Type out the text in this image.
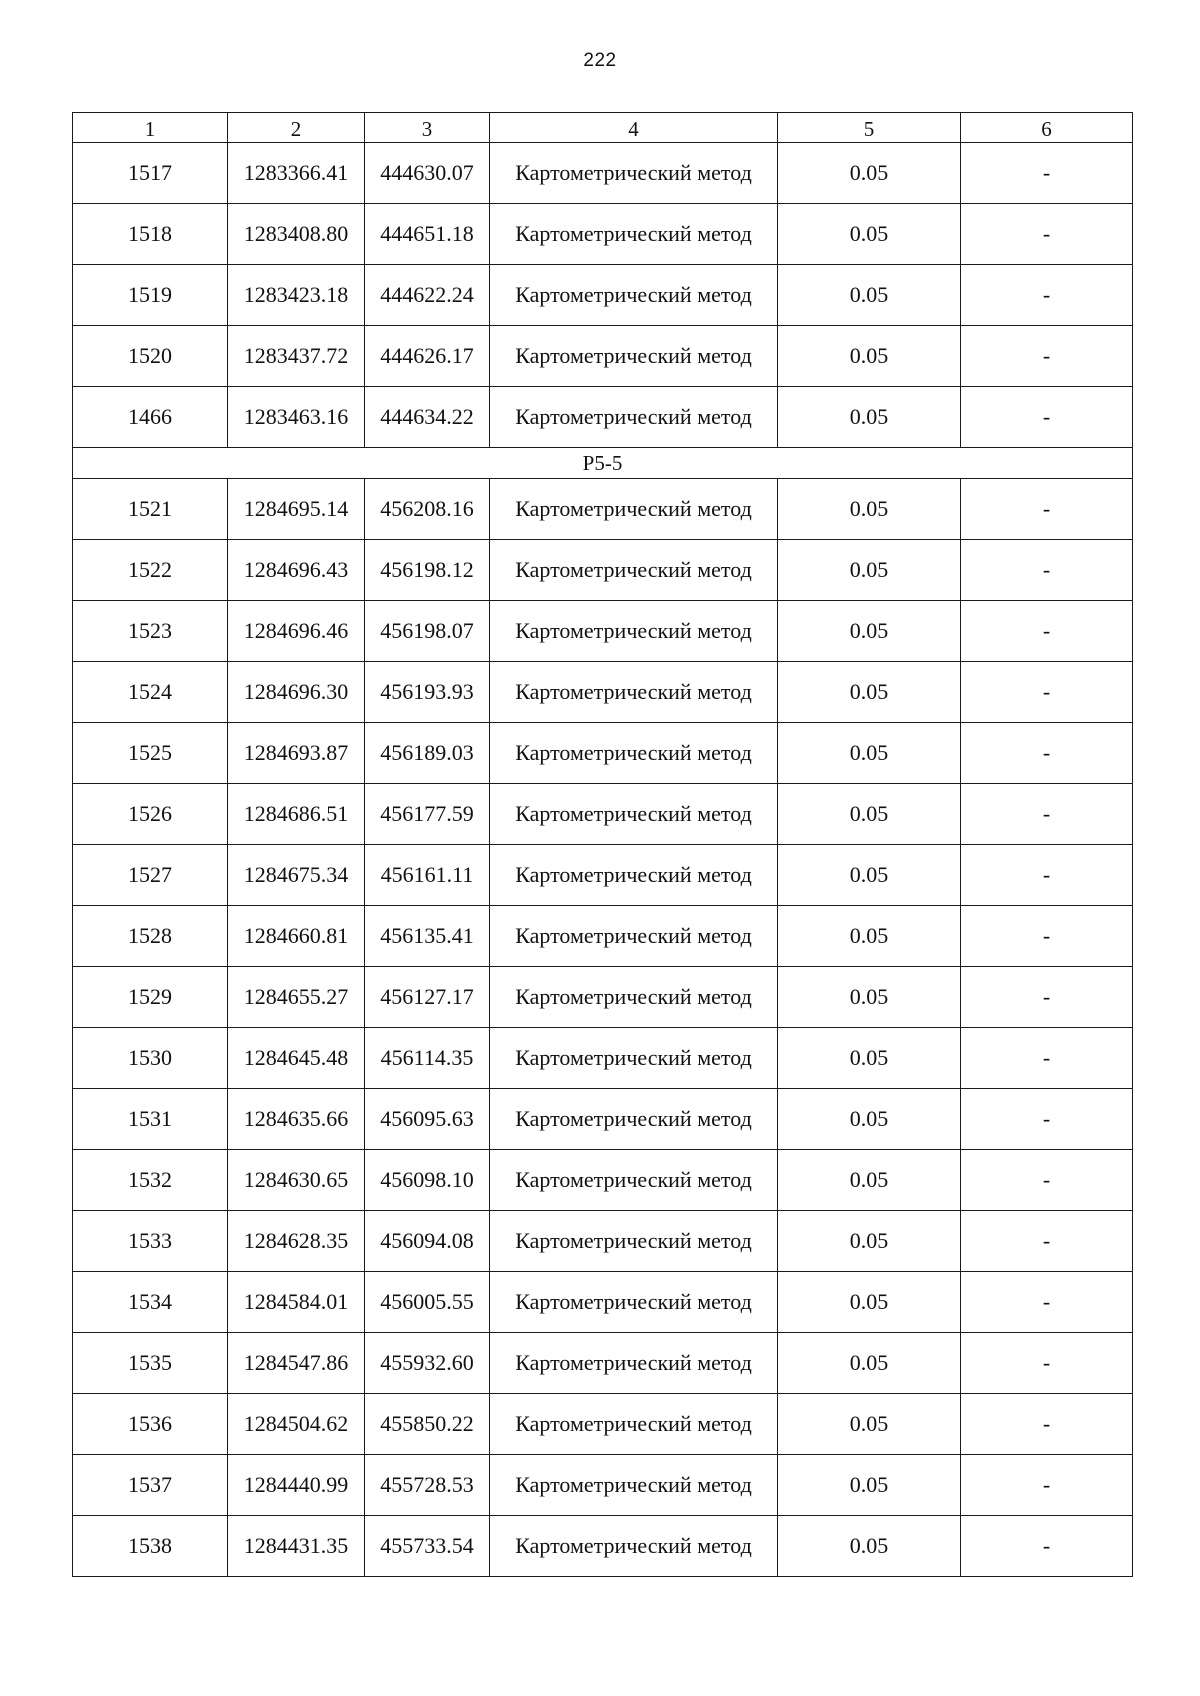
222
1	2	3	4	5	6
1517	1283366.41	444630.07	Картометрический метод	0.05	-
1518	1283408.80	444651.18	Картометрический метод	0.05	-
1519	1283423.18	444622.24	Картометрический метод	0.05	-
1520	1283437.72	444626.17	Картометрический метод	0.05	-
1466	1283463.16	444634.22	Картометрический метод	0.05	-
P5-5					
1521	1284695.14	456208.16	Картометрический метод	0.05	-
1522	1284696.43	456198.12	Картометрический метод	0.05	-
1523	1284696.46	456198.07	Картометрический метод	0.05	-
1524	1284696.30	456193.93	Картометрический метод	0.05	-
1525	1284693.87	456189.03	Картометрический метод	0.05	-
1526	1284686.51	456177.59	Картометрический метод	0.05	-
1527	1284675.34	456161.11	Картометрический метод	0.05	-
1528	1284660.81	456135.41	Картометрический метод	0.05	-
1529	1284655.27	456127.17	Картометрический метод	0.05	-
1530	1284645.48	456114.35	Картометрический метод	0.05	-
1531	1284635.66	456095.63	Картометрический метод	0.05	-
1532	1284630.65	456098.10	Картометрический метод	0.05	-
1533	1284628.35	456094.08	Картометрический метод	0.05	-
1534	1284584.01	456005.55	Картометрический метод	0.05	-
1535	1284547.86	455932.60	Картометрический метод	0.05	-
1536	1284504.62	455850.22	Картометрический метод	0.05	-
1537	1284440.99	455728.53	Картометрический метод	0.05	-
1538	1284431.35	455733.54	Картометрический метод	0.05	-
